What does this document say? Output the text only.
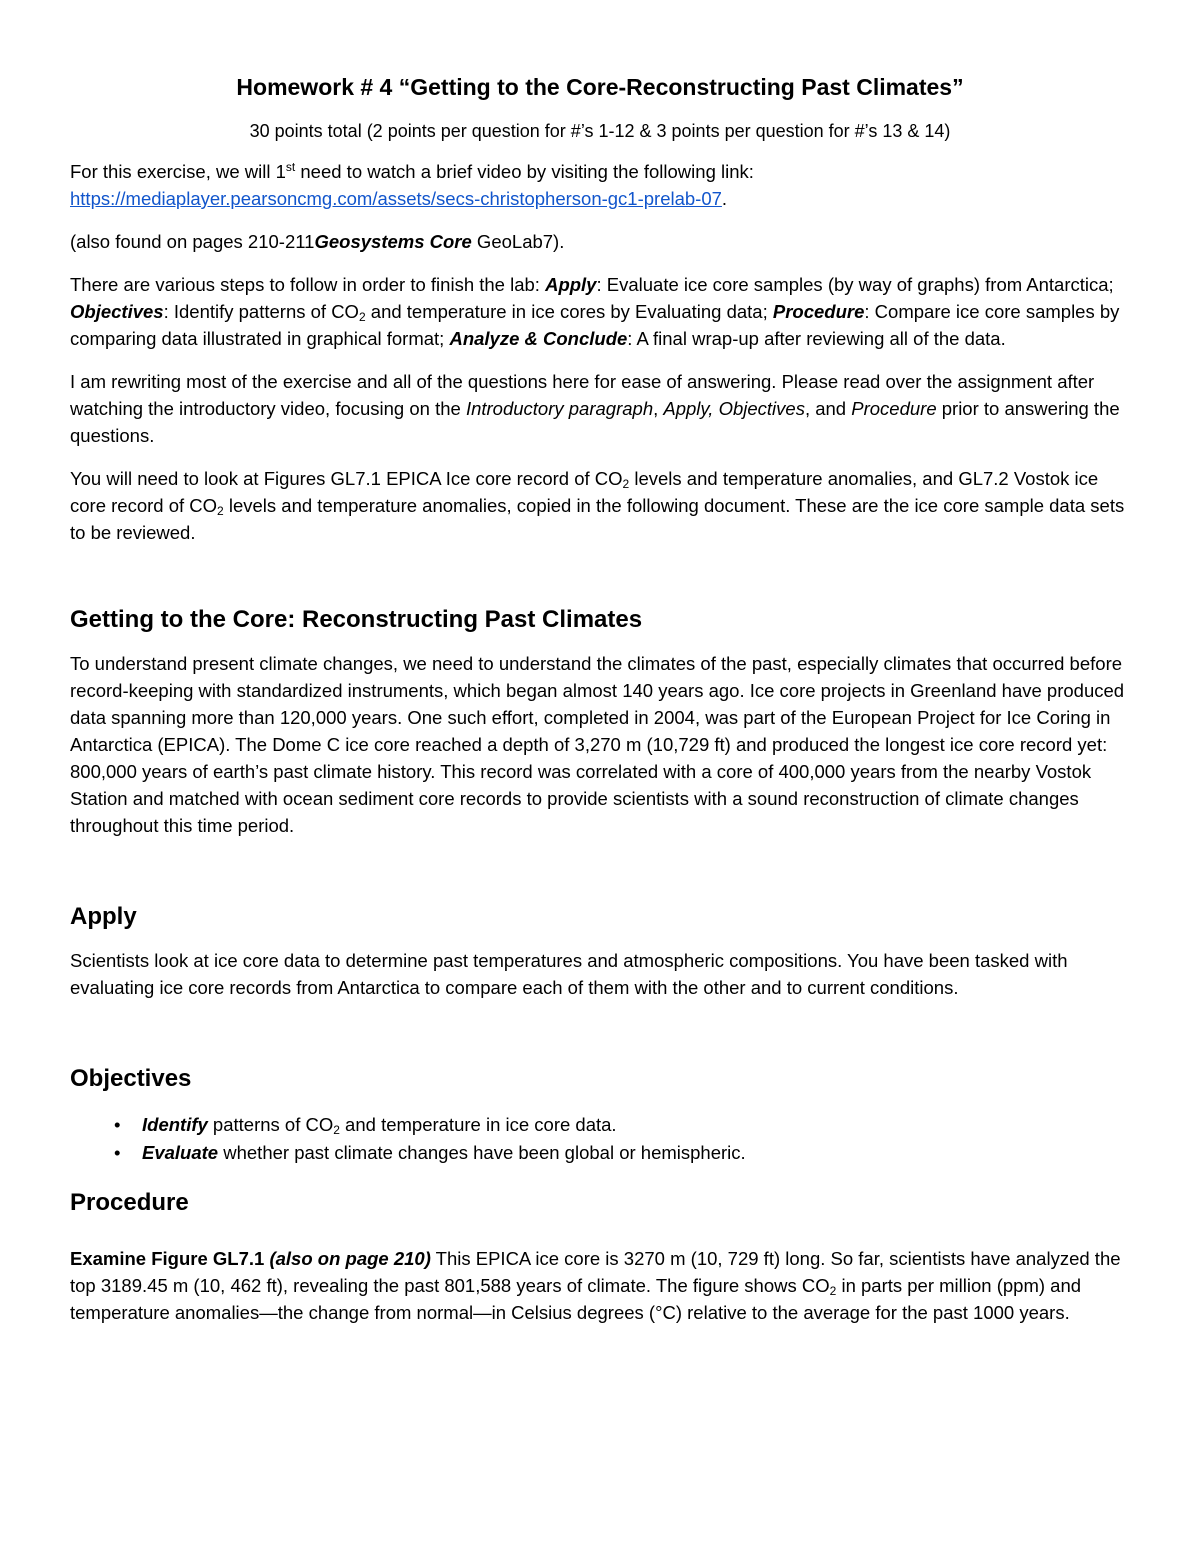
Homework # 4 “Getting to the Core-Reconstructing Past Climates”

30 points total (2 points per question for #’s 1-12 & 3 points per question for #’s 13 & 14)

For this exercise, we will 1st need to watch a brief video by visiting the following link:
https://mediaplayer.pearsoncmg.com/assets/secs-christopherson-gc1-prelab-07.

(also found on pages 210-211Geosystems Core GeoLab7).

There are various steps to follow in order to finish the lab: Apply: Evaluate ice core samples (by way of graphs) from Antarctica; Objectives: Identify patterns of $CO_2$ and temperature in ice cores by Evaluating data; Procedure: Compare ice core samples by comparing data illustrated in graphical format; Analyze & Conclude: A final wrap-up after reviewing all of the data.

I am rewriting most of the exercise and all of the questions here for ease of answering. Please read over the assignment after watching the introductory video, focusing on the Introductory paragraph, Apply, Objectives, and Procedure prior to answering the questions.

You will need to look at Figures GL7.1 EPICA Ice core record of $CO_2$ levels and temperature anomalies, and GL7.2 Vostok ice core record of $CO_2$ levels and temperature anomalies, copied in the following document. These are the ice core sample data sets to be reviewed.

Getting to the Core: Reconstructing Past Climates

To understand present climate changes, we need to understand the climates of the past, especially climates that occurred before record-keeping with standardized instruments, which began almost 140 years ago. Ice core projects in Greenland have produced data spanning more than 120,000 years. One such effort, completed in 2004, was part of the European Project for Ice Coring in Antarctica (EPICA). The Dome C ice core reached a depth of 3,270 m (10,729 ft) and produced the longest ice core record yet: 800,000 years of earth’s past climate history. This record was correlated with a core of 400,000 years from the nearby Vostok Station and matched with ocean sediment core records to provide scientists with a sound reconstruction of climate changes throughout this time period.

Apply

Scientists look at ice core data to determine past temperatures and atmospheric compositions. You have been tasked with evaluating ice core records from Antarctica to compare each of them with the other and to current conditions.

Objectives
• Identify patterns of $CO_2$ and temperature in ice core data.
• Evaluate whether past climate changes have been global or hemispheric.
Procedure

Examine Figure GL7.1 (also on page 210) This EPICA ice core is 3270 m (10, 729 ft) long. So far, scientists have analyzed the top 3189.45 m (10, 462 ft), revealing the past 801,588 years of climate. The figure shows $CO_2$ in parts per million (ppm) and temperature anomalies—the change from normal—in Celsius degrees (°C) relative to the average for the past 1000 years.
